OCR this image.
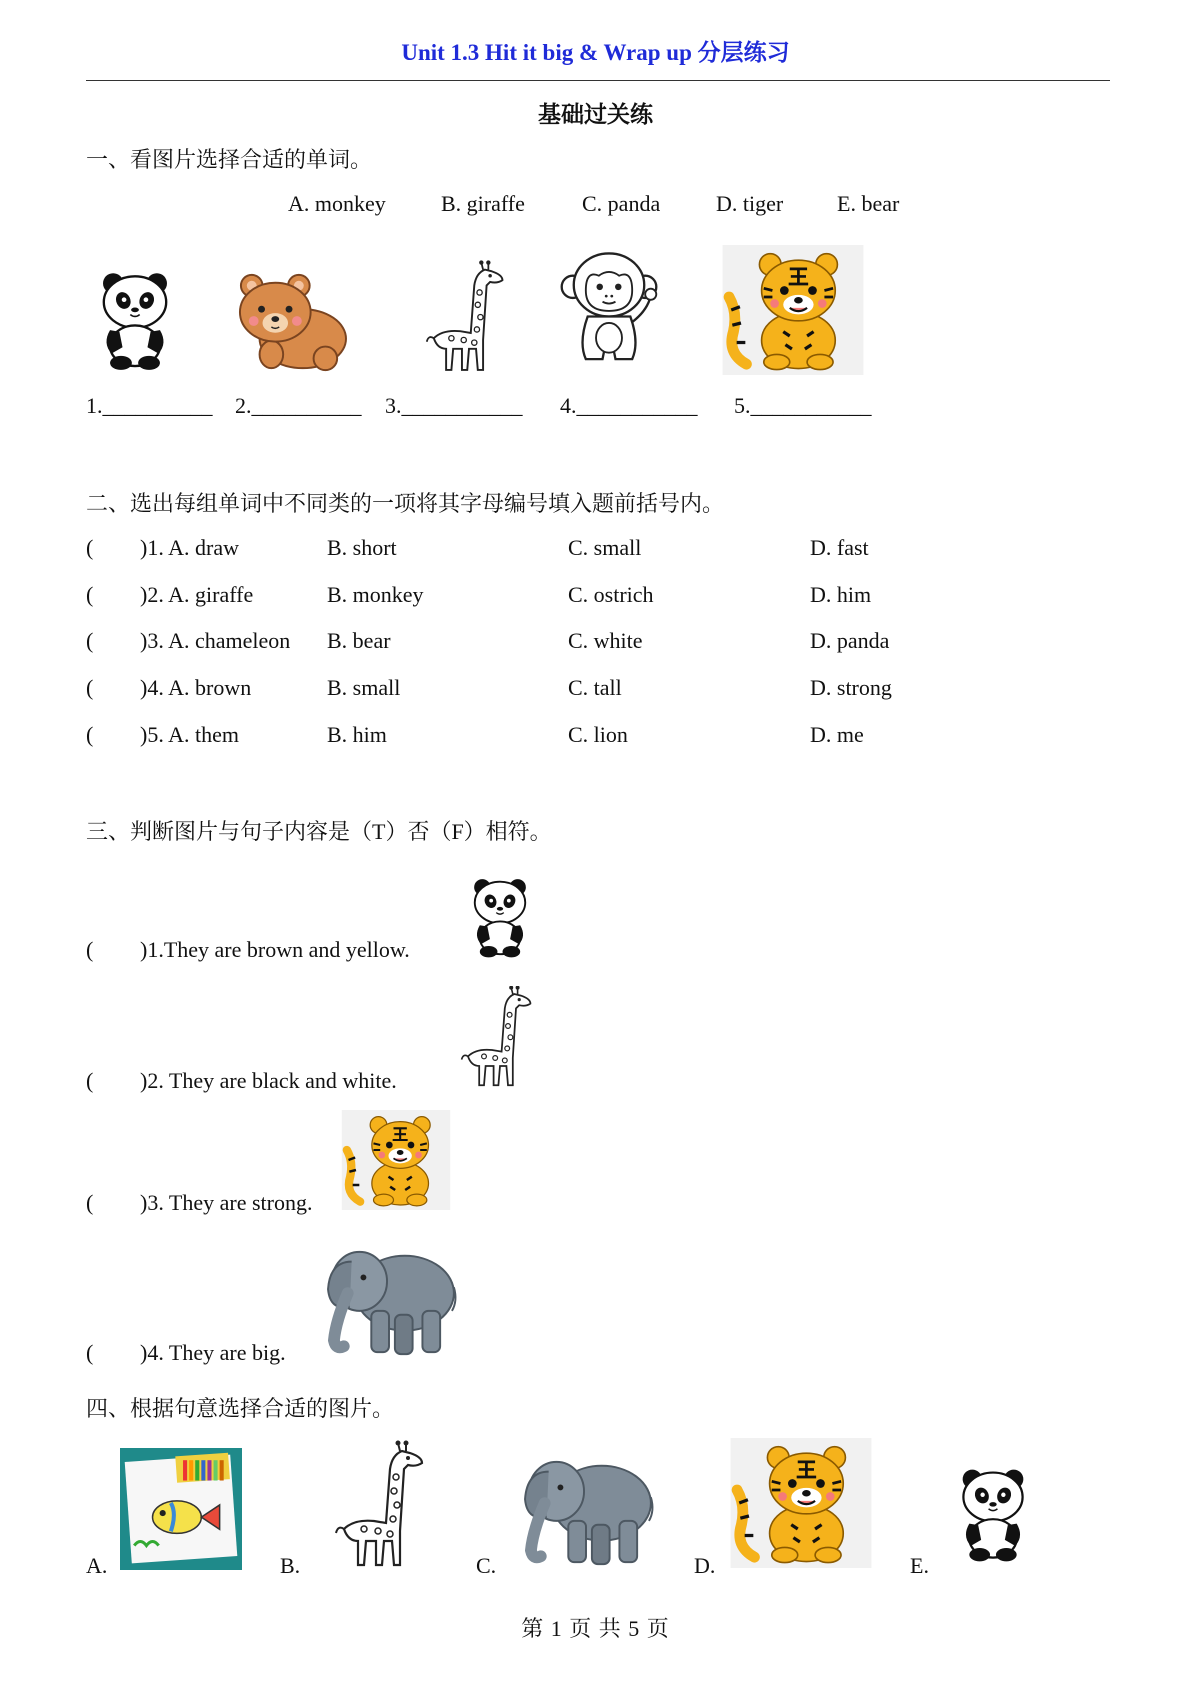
Unit 1.3 Hit it big & Wrap up 分层练习
基础过关练
一、看图片选择合适的单词。
A. monkey	B. giraffe	C. panda	D. tiger E. bear
1.__________ 2.__________ 3.___________ 4.___________ 5.___________
二、选出每组单词中不同类的一项将其字母编号填入题前括号内。
( )1. A. draw	B. short	C. small	D. fast
( )2. A. giraffe	B. monkey	C. ostrich	D. him
( )3. A. chameleon B. bear	C. white	D. panda
( )4. A. brown	B. small	C. tall	D. strong
( )5. A. them	B. him	C. lion	D. me
三、判断图片与句子内容是（T）否（F）相符。
( )1.They are brown and yellow.
( )2. They are black and white.
( )3. They are strong.
( )4. They are big.
四、根据句意选择合适的图片。
A.	B.	C.	D.	E.
第 1 页 共 5 页
